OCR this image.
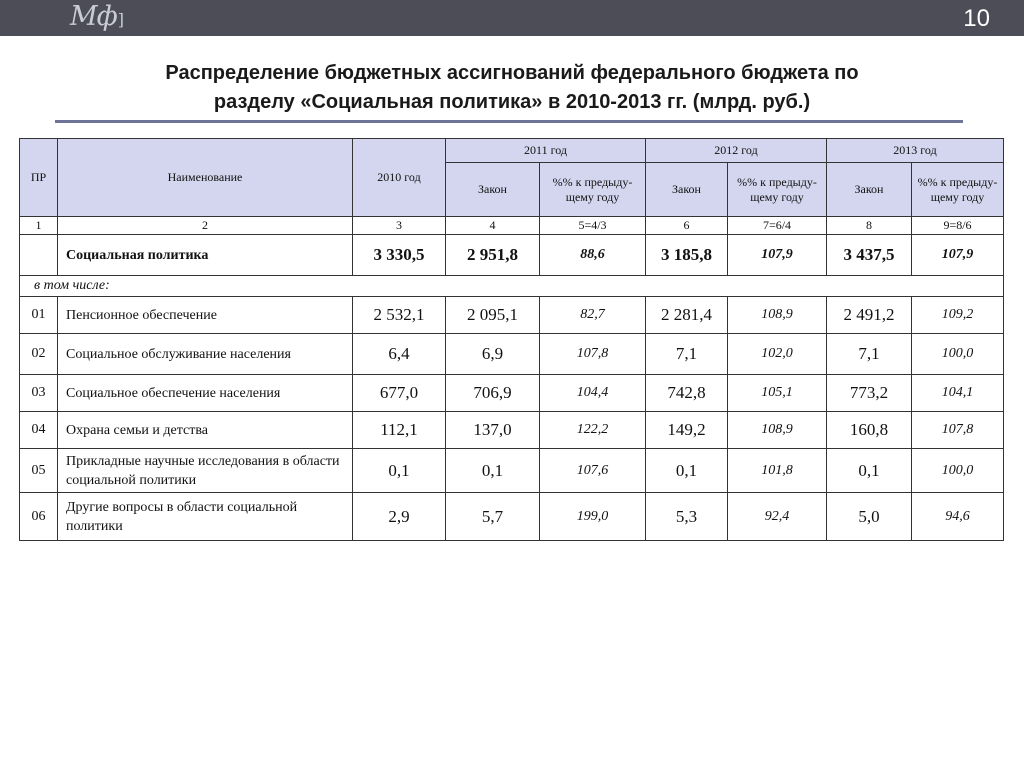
Мф]	10
Распределение бюджетных ассигнований федерального бюджета по
разделу «Социальная политика» в 2010-2013 гг. (млрд. руб.)
ПР	Наименование	2010 год	2011 год		2012 год		2013 год	
			Закон	%% к предыду-щему году	Закон	%% к предыду-щему году	Закон	%% к предыду-щему году
1	2	3	4	5=4/3	6	7=6/4	8	9=8/6
	Социальная политика	3 330,5	2 951,8	88,6	3 185,8	107,9	3 437,5	107,9
в том числе:								
01	Пенсионное обеспечение	2 532,1	2 095,1	82,7	2 281,4	108,9	2 491,2	109,2
02	Социальное обслуживание населения	6,4	6,9	107,8	7,1	102,0	7,1	100,0
03	Социальное обеспечение населения	677,0	706,9	104,4	742,8	105,1	773,2	104,1
04	Охрана семьи и детства	112,1	137,0	122,2	149,2	108,9	160,8	107,8
05	Прикладные научные исследования в области социальной политики	0,1	0,1	107,6	0,1	101,8	0,1	100,0
06	Другие вопросы в области социальной политики	2,9	5,7	199,0	5,3	92,4	5,0	94,6
